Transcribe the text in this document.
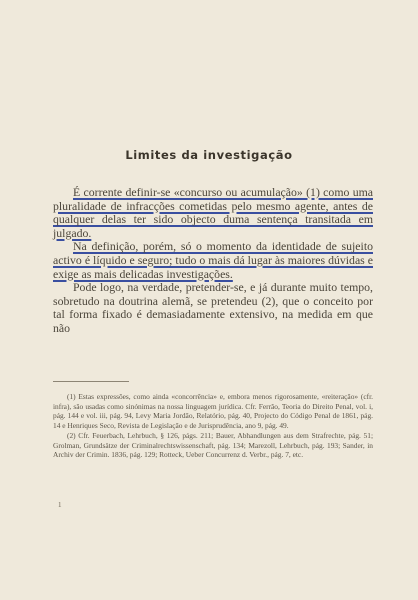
Limites da investigação

É corrente definir-se «concurso ou acumulação» (1) como uma pluralidade de infracções cometidas pelo mesmo agente, antes de qualquer delas ter sido objecto duma sentença transitada em julgado.

Na definição, porém, só o momento da identidade de sujeito activo é líquido e seguro; tudo o mais dá lugar às maiores dúvidas e exige as mais delicadas investigações.

Pode logo, na verdade, pretender-se, e já durante muito tempo, sobretudo na doutrina alemã, se pretendeu (2), que o conceito por tal forma fixado é demasiadamente extensivo, na medida em que não

(1) Estas expressões, como ainda «concorrência» e, embora menos rigorosamente, «reiteração» (cfr. infra), são usadas como sinónimas na nossa linguagem jurídica. Cfr. Ferrão, Teoria do Direito Penal, vol. i, pág. 144 e vol. iii, pág. 94, Levy Maria Jordão, Relatório, pág. 40, Projecto do Código Penal de 1861, pág. 14 e Henriques Seco, Revista de Legislação e de Jurisprudência, ano 9, pág. 49.

(2) Cfr. Feuerbach, Lehrbuch, § 126, págs. 211; Bauer, Abhandlungen aus dem Strafrechte, pág. 51; Grolman, Grundsätze der Criminalrechtswissenschaft, pág. 134; Marezoll, Lehrbuch, pág. 193; Sander, in Archiv der Crimin. 1836, pág. 129; Rotteck, Ueber Concurrenz d. Verbr., pág. 7, etc.

1
